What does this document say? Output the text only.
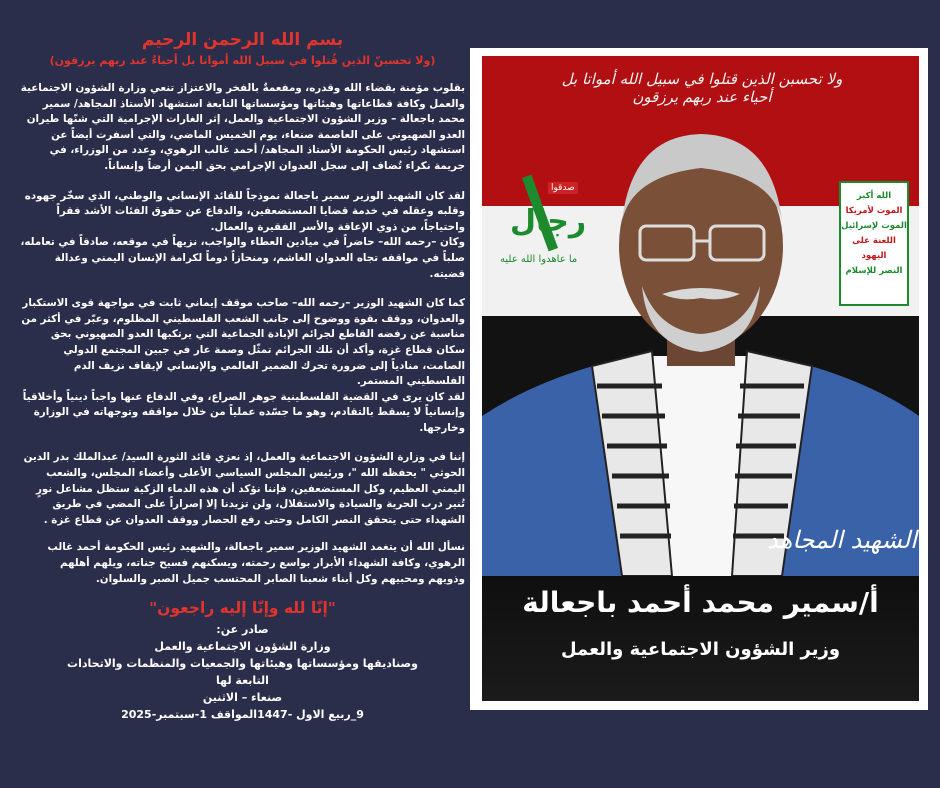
بسم الله الرحمن الرحيم
(ولا تحسبنّ الذين قُتلوا في سبيل الله أمواتا بل أحياءٌ عند ربهم يرزقون)
بقلوب مؤمنة بقضاء الله وقدره، ومفعمةٌ بالفخر والاعتزاز تنعي وزارة الشؤون الاجتماعية والعمل وكافة قطاعاتها وهيئاتها ومؤسساتها التابعة استشهاد الأستاذ المجاهد/ سمير محمد باجعالة – وزير الشؤون الاجتماعية والعمل، إثر الغارات الإجرامية التي شنّها طيران العدو الصهيوني على العاصمة صنعاء، يوم الخميس الماضي، والتي أسفرت أيضاً عن استشهاد رئيس الحكومة الأستاذ المجاهد/ أحمد غالب الرهوي، وعدد من الوزراء، في جريمة نكراء تُضاف إلى سجل العدوان الإجرامي بحق اليمن أرضاً وإنساناً.
لقد كان الشهيد الوزير سمير باجعالة نموذجاً للقائد الإنساني والوطني، الذي سخّر جهوده وقلبه وعقله في خدمة قضايا المستضعفين، والدفاع عن حقوق الفئات الأشد فقراً واحتياجاً، من ذوي الإعاقة والأسر الفقيرة والعمال.
وكان –رحمه الله– حاضراً في ميادين العطاء والواجب، نزيهاً في موقعه، صادقاً في تعامله، صلباً في مواقفه تجاه العدوان الغاشم، ومنحازاً دوماً لكرامة الإنسان اليمني وعدالة قضيته.
كما كان الشهيد الوزير –رحمه الله– صاحب موقف إيماني ثابت في مواجهة قوى الاستكبار والعدوان، ووقف بقوة ووضوح إلى جانب الشعب الفلسطيني المظلوم، وعبّر في أكثر من مناسبة عن رفضه القاطع لجرائم الإبادة الجماعية التي يرتكبها العدو الصهيوني بحق سكان قطاع غزة، وأكد أن تلك الجرائم تمثّل وصمة عار في جبين المجتمع الدولي الصامت، منادياً إلى ضرورة تحرك الضمير العالمي والإنساني لإيقاف نزيف الدم الفلسطيني المستمر.
لقد كان يرى في القضية الفلسطينية جوهر الصراع، وفي الدفاع عنها واجباً دينياً وأخلاقياً وإنسانياً لا يسقط بالتقادم، وهو ما جسّده عملياً من خلال مواقفه وتوجهاته في الوزارة وخارجها.
إننا في وزارة الشؤون الاجتماعية والعمل، إذ نعزي قائد الثورة السيد/ عبدالملك بدر الدين الحوثي " يحفظه الله "، ورئيس المجلس السياسي الأعلى وأعضاء المجلس، والشعب اليمني العظيم، وكل المستضعفين، فإننا نؤكد أن هذه الدماء الزكية ستظل مشاعل نورٍ تُنير درب الحرية والسيادة والاستقلال، ولن تزيدنا إلا إصراراً على المضي في طريق الشهداء حتى يتحقق النصر الكامل وحتى رفع الحصار ووقف العدوان عن قطاع غزة .
نسأل الله أن يتغمد الشهيد الوزير سمير باجعالة، والشهيد رئيس الحكومة أحمد غالب الرهوي، وكافة الشهداء الأبرار بواسع رحمته، ويسكنهم فسيح جناته، ويلهم أهلهم وذويهم ومحبيهم وكل أبناء شعبنا الصابر المحتسب جميل الصبر والسلوان.
"إنّا لله وإنّا إليه راجعون"
صادر عن:
وزارة الشؤون الاجتماعية والعمل
وصناديقها ومؤسساتها وهيئاتها والجمعيات والمنظمات والاتحادات
التابعة لها
صنعاء – الاثنين
9_ربيع الاول -1447المواقف 1-سبتمبر-2025
ولا تحسبن الذين قتلوا في سبيل الله أمواتا بل أحياء عند ربهم يرزقون
صدقوا
رجال
ما عاهدوا الله عليه
الله أكبر
الموت لأمريكا
الموت لإسرائيل
اللعنة على اليهود
النصر للإسلام
الشهيد المجاهد
أ/سمير محمد أحمد باجعالة
وزير الشؤون الاجتماعية والعمل
